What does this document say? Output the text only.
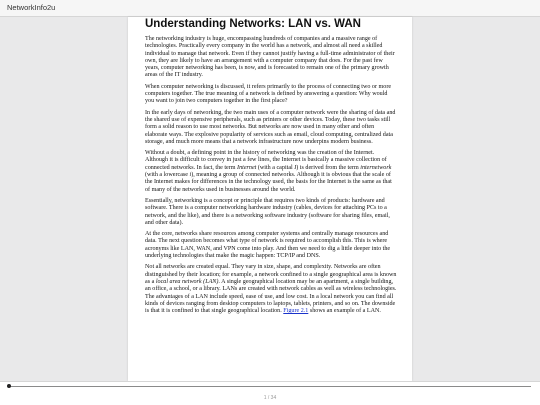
NetworkInfo2u
Understanding Networks: LAN vs. WAN

The networking industry is huge, encompassing hundreds of companies and a massive range of technologies. Practically every company in the world has a network, and almost all need a skilled individual to manage that network. Even if they cannot justify having a full-time administrator of their own, they are likely to have an arrangement with a computer company that does. For the past few years, computer networking has been, is now, and is forecasted to remain one of the primary growth areas of the IT industry.

When computer networking is discussed, it refers primarily to the process of connecting two or more computers together. The true meaning of a network is defined by answering a question: Why would you want to join two computers together in the first place?

In the early days of networking, the two main uses of a computer network were the sharing of data and the shared use of expensive peripherals, such as printers or other devices. Today, these two tasks still form a solid reason to use most networks. But networks are now used in many other and often elaborate ways. The explosive popularity of services such as email, cloud computing, centralized data storage, and much more means that a network infrastructure now underpins modern business.

Without a doubt, a defining point in the history of networking was the creation of the Internet. Although it is difficult to convey in just a few lines, the Internet is basically a massive collection of connected networks. In fact, the term Internet (with a capital I) is derived from the term internetwork (with a lowercase i), meaning a group of connected networks. Although it is obvious that the scale of the Internet makes for differences in the technology used, the basis for the Internet is the same as that of many of the networks used in businesses around the world.

Essentially, networking is a concept or principle that requires two kinds of products: hardware and software. There is a computer networking hardware industry (cables, devices for attaching PCs to a network, and the like), and there is a networking software industry (software for sharing files, email, and other data).

At the core, networks share resources among computer systems and centrally manage resources and data. The next question becomes what type of network is required to accomplish this. This is where acronyms like LAN, WAN, and VPN come into play. And then we need to dig a little deeper into the underlying technologies that make the magic happen: TCP/IP and DNS.

Not all networks are created equal. They vary in size, shape, and complexity. Networks are often distinguished by their location; for example, a network confined to a single geographical area is known as a local area network (LAN). A single geographical location may be an apartment, a single building, an office, a school, or a library. LANs are created with network cables as well as wireless technologies. The advantages of a LAN include speed, ease of use, and low cost. In a local network you can find all kinds of devices ranging from desktop computers to laptops, tablets, printers, and so on. The downside is that it is confined to that single geographical location. Figure 2.1 shows an example of a LAN.

1 / 34
